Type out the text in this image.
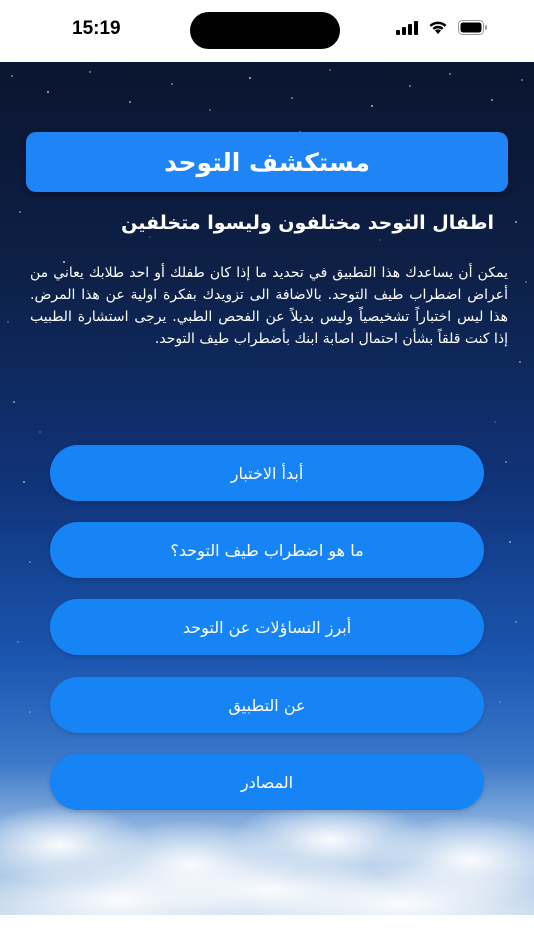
15:19
مستكشف التوحد
اطفال التوحد مختلفون وليسوا متخلفين
يمكن أن يساعدك هذا التطبيق في تحديد ما إذا كان طفلك أو احد طلابك يعاني من أعراض اضطراب طيف التوحد. بالاضافة الى تزويدك بفكرة اولية عن هذا المرض. هذا ليس اختباراً تشخيصياً وليس بديلاً عن الفحص الطبي. يرجى استشارة الطبيب إذا كنت قلقاً بشأن احتمال اصابة ابنك بأضطراب طيف التوحد.
أبدأ الاختبار
ما هو اضطراب طيف التوحد؟
أبرز التساؤلات عن التوحد
عن التطبيق
المصادر
